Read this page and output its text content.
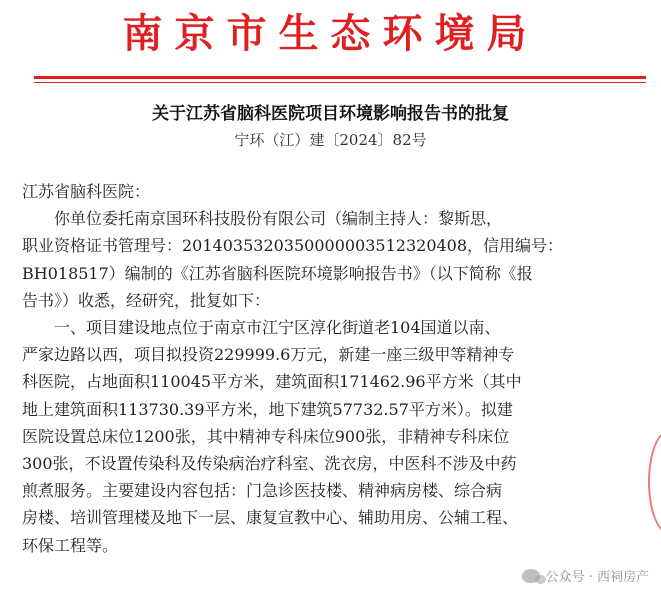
南京市生态环境局
关于江苏省脑科医院项目环境影响报告书的批复
宁环（江）建〔2024〕82号

江苏省脑科医院：

你单位委托南京国环科技股份有限公司（编制主持人：黎斯思，

职业资格证书管理号：2014035320350000003512320408，信用编号：

BH018517）编制的《江苏省脑科医院环境影响报告书》（以下简称《报

告书》）收悉，经研究，批复如下：

一、项目建设地点位于南京市江宁区淳化街道老104国道以南、

严家边路以西，项目拟投资229999.6万元，新建一座三级甲等精神专

科医院，占地面积110045平方米，建筑面积171462.96平方米（其中

地上建筑面积113730.39平方米，地下建筑57732.57平方米）。拟建

医院设置总床位1200张，其中精神专科床位900张，非精神专科床位

300张，不设置传染科及传染病治疗科室、洗衣房，中医科不涉及中药

煎煮服务。主要建设内容包括：门急诊医技楼、精神病房楼、综合病

房楼、培训管理楼及地下一层、康复宣教中心、辅助用房、公辅工程、

环保工程等。

公众号 · 西祠房产
